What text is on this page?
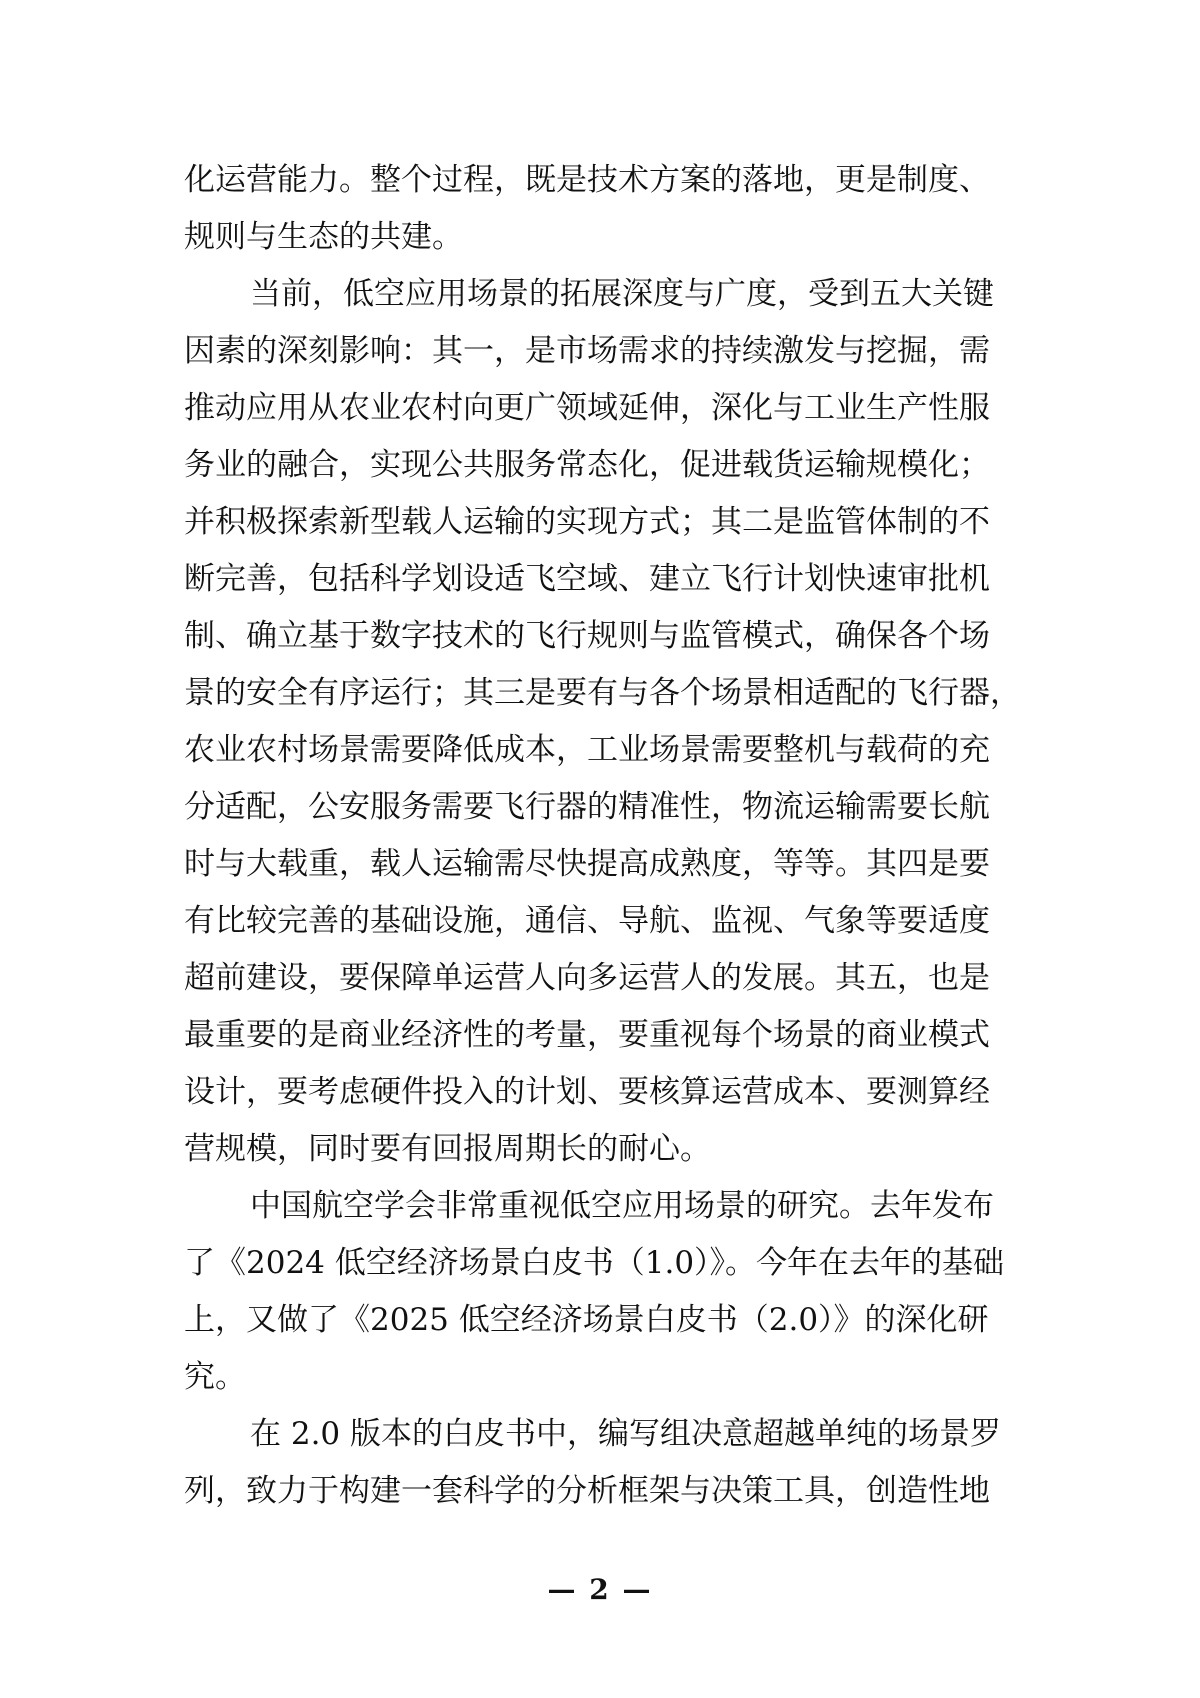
化运营能力。整个过程，既是技术方案的落地，更是制度、

规则与生态的共建。

当前，低空应用场景的拓展深度与广度，受到五大关键

因素的深刻影响：其一，是市场需求的持续激发与挖掘，需

推动应用从农业农村向更广领域延伸，深化与工业生产性服

务业的融合，实现公共服务常态化，促进载货运输规模化；

并积极探索新型载人运输的实现方式；其二是监管体制的不

断完善，包括科学划设适飞空域、建立飞行计划快速审批机

制、确立基于数字技术的飞行规则与监管模式，确保各个场

景的安全有序运行；其三是要有与各个场景相适配的飞行器，

农业农村场景需要降低成本，工业场景需要整机与载荷的充

分适配，公安服务需要飞行器的精准性，物流运输需要长航

时与大载重，载人运输需尽快提高成熟度，等等。其四是要

有比较完善的基础设施，通信、导航、监视、气象等要适度

超前建设，要保障单运营人向多运营人的发展。其五，也是

最重要的是商业经济性的考量，要重视每个场景的商业模式

设计，要考虑硬件投入的计划、要核算运营成本、要测算经

营规模，同时要有回报周期长的耐心。

中国航空学会非常重视低空应用场景的研究。去年发布

了《2024 低空经济场景白皮书（1.0）》。今年在去年的基础

上，又做了《2025 低空经济场景白皮书（2.0）》的深化研

究。

在 2.0 版本的白皮书中，编写组决意超越单纯的场景罗

列，致力于构建一套科学的分析框架与决策工具，创造性地

— 2 —
